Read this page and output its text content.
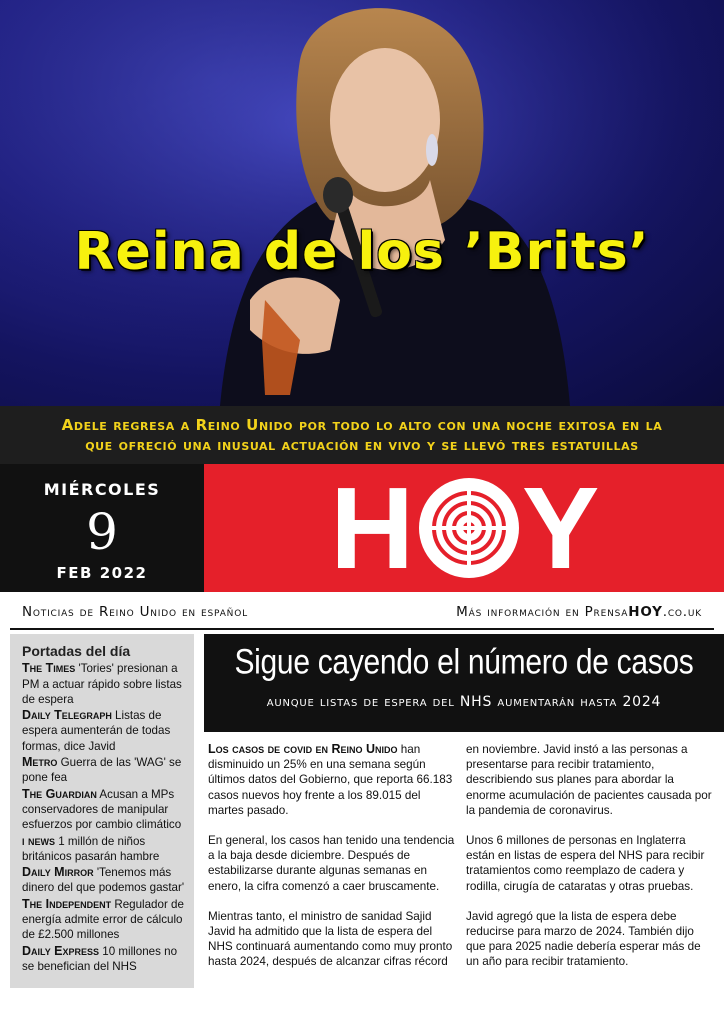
Reina de los ’Brits’
Adele regresa a Reino Unido por todo lo alto con una noche exitosa en la
que ofreció una inusual actuación en vivo y se llevó tres estatuillas
MIÉRCOLES
9
FEB 2022	H Y
Noticias de Reino Unido en español	Más información en PrensaHOY.co.uk
Portadas del día
The Times 'Tories' presionan a PM a actuar rápido sobre listas de espera
Daily Telegraph Listas de espera aumenterán de todas formas, dice Javid
Metro Guerra de las 'WAG' se pone fea
The Guardian Acusan a MPs conservadores de manipular esfuerzos por cambio climático
i news 1 millón de niños británicos pasarán hambre
Daily Mirror 'Tenemos más dinero del que podemos gastar'
The Independent Regulador de energía admite error de cálculo de £2.500 millones
Daily Express 10 millones no se benefician del NHS
Sigue cayendo el número de casos
aunque listas de espera del NHS aumentarán hasta 2024

Los casos de covid en Reino Unido han disminuido un 25% en una semana según últimos datos del Gobierno, que reporta 66.183 casos nuevos hoy frente a los 89.015 del martes pasado.

En general, los casos han tenido una tendencia a la baja desde diciembre. Después de estabilizarse durante algunas semanas en enero, la cifra comenzó a caer bruscamente.

Mientras tanto, el ministro de sanidad Sajid Javid ha admitido que la lista de espera del NHS continuará aumentando como muy pronto hasta 2024, después de alcanzar cifras récord

en noviembre. Javid instó a las personas a presentarse para recibir tratamiento, describiendo sus planes para abordar la enorme acumulación de pacientes causada por la pandemia de coronavirus.

Unos 6 millones de personas en Inglaterra están en listas de espera del NHS para recibir tratamientos como reemplazo de cadera y rodilla, cirugía de cataratas y otras pruebas.

Javid agregó que la lista de espera debe reducirse para marzo de 2024. También dijo que para 2025 nadie debería esperar más de un año para recibir tratamiento.
